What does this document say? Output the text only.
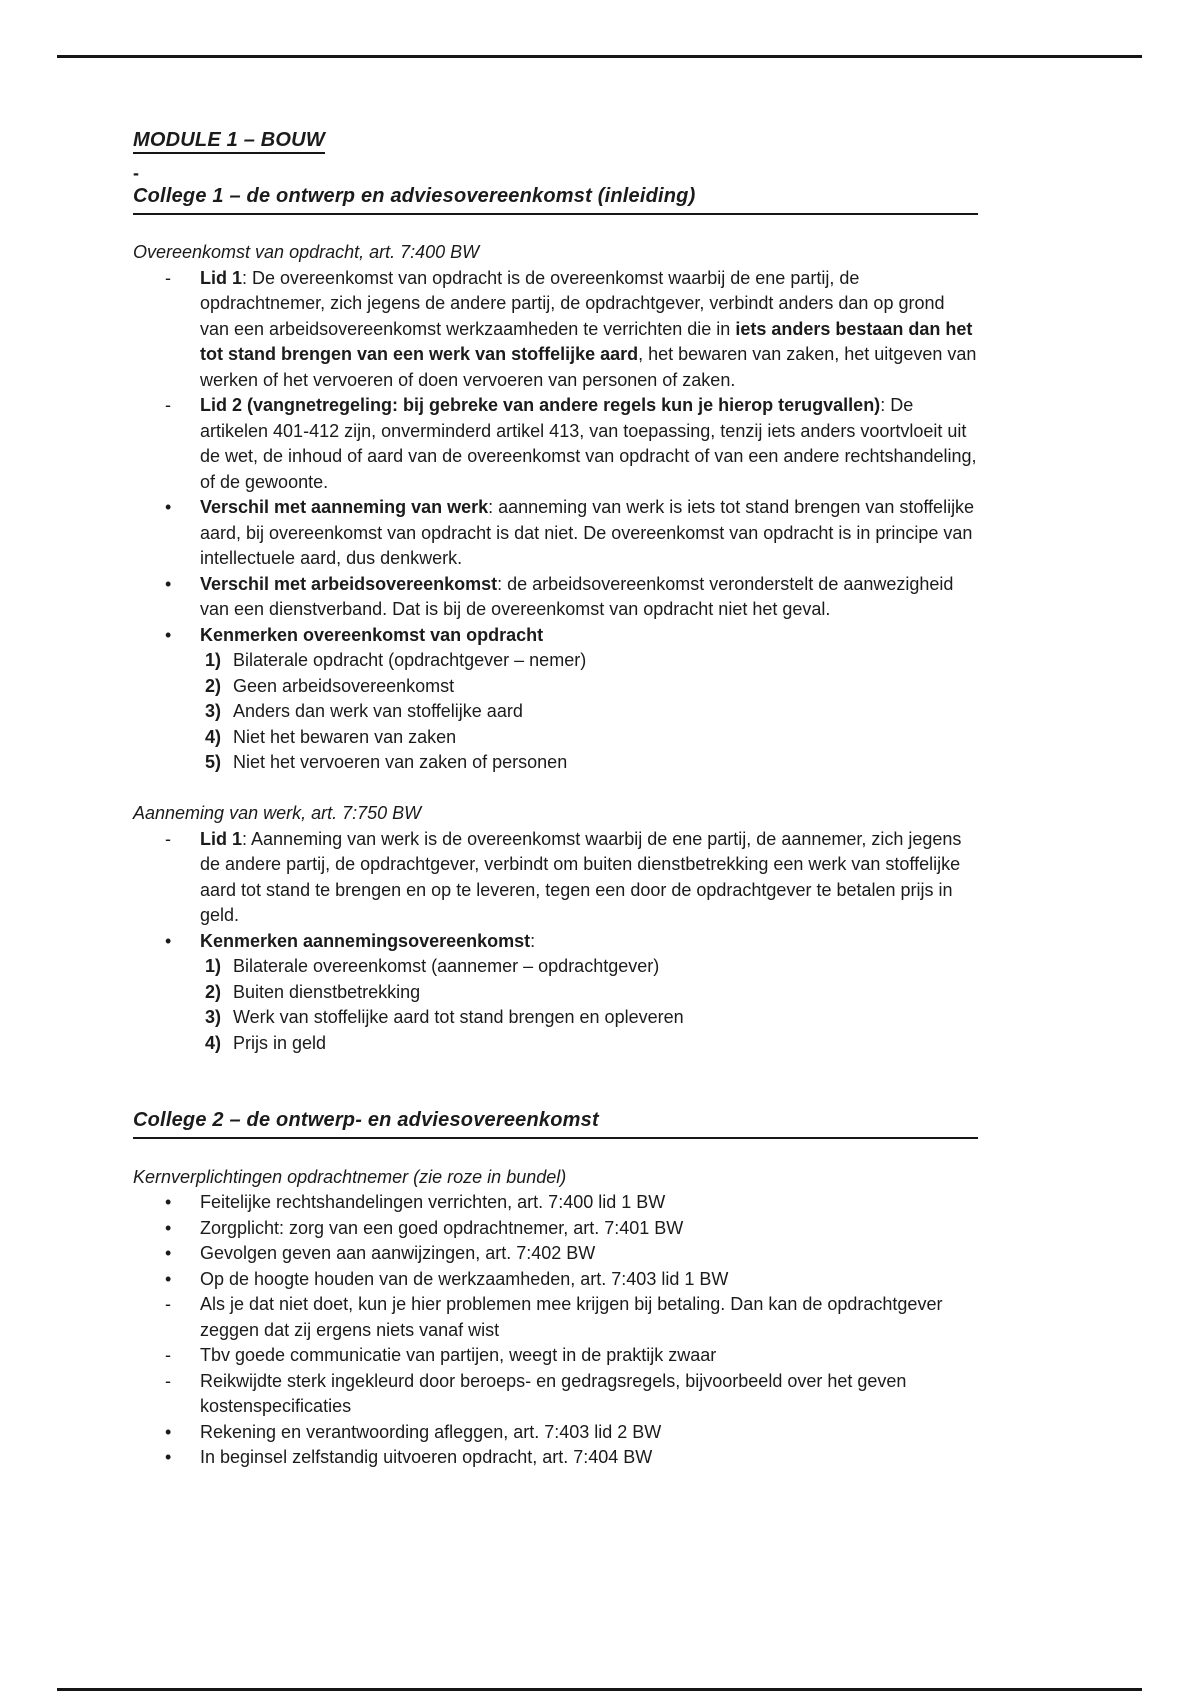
MODULE 1 – BOUW
-
College 1 – de ontwerp en adviesovereenkomst (inleiding)
Overeenkomst van opdracht, art. 7:400 BW
-	Lid 1: De overeenkomst van opdracht is de overeenkomst waarbij de ene partij, de opdrachtnemer, zich jegens de andere partij, de opdrachtgever, verbindt anders dan op grond van een arbeidsovereenkomst werkzaamheden te verrichten die in iets anders bestaan dan het tot stand brengen van een werk van stoffelijke aard, het bewaren van zaken, het uitgeven van werken of het vervoeren of doen vervoeren van personen of zaken.
-	Lid 2 (vangnetregeling: bij gebreke van andere regels kun je hierop terugvallen): De artikelen 401-412 zijn, onverminderd artikel 413, van toepassing, tenzij iets anders voortvloeit uit de wet, de inhoud of aard van de overeenkomst van opdracht of van een andere rechtshandeling, of de gewoonte.
•	Verschil met aanneming van werk: aanneming van werk is iets tot stand brengen van stoffelijke aard, bij overeenkomst van opdracht is dat niet. De overeenkomst van opdracht is in principe van intellectuele aard, dus denkwerk.
•	Verschil met arbeidsovereenkomst: de arbeidsovereenkomst veronderstelt de aanwezigheid van een dienstverband. Dat is bij de overeenkomst van opdracht niet het geval.
•	Kenmerken overeenkomst van opdracht
1) Bilaterale opdracht (opdrachtgever – nemer)
2) Geen arbeidsovereenkomst
3) Anders dan werk van stoffelijke aard
4) Niet het bewaren van zaken
5) Niet het vervoeren van zaken of personen
Aanneming van werk, art. 7:750 BW
-	Lid 1: Aanneming van werk is de overeenkomst waarbij de ene partij, de aannemer, zich jegens de andere partij, de opdrachtgever, verbindt om buiten dienstbetrekking een werk van stoffelijke aard tot stand te brengen en op te leveren, tegen een door de opdrachtgever te betalen prijs in geld.
•	Kenmerken aannemingsovereenkomst:
1) Bilaterale overeenkomst (aannemer – opdrachtgever)
2) Buiten dienstbetrekking
3) Werk van stoffelijke aard tot stand brengen en opleveren
4) Prijs in geld
College 2 – de ontwerp- en adviesovereenkomst
Kernverplichtingen opdrachtnemer (zie roze in bundel)
•	Feitelijke rechtshandelingen verrichten, art. 7:400 lid 1 BW
•	Zorgplicht: zorg van een goed opdrachtnemer, art. 7:401 BW
•	Gevolgen geven aan aanwijzingen, art. 7:402 BW
•	Op de hoogte houden van de werkzaamheden, art. 7:403 lid 1 BW
-	Als je dat niet doet, kun je hier problemen mee krijgen bij betaling. Dan kan de opdrachtgever zeggen dat zij ergens niets vanaf wist
-	Tbv goede communicatie van partijen, weegt in de praktijk zwaar
-	Reikwijdte sterk ingekleurd door beroeps- en gedragsregels, bijvoorbeeld over het geven kostenspecificaties
•	Rekening en verantwoording afleggen, art. 7:403 lid 2 BW
•	In beginsel zelfstandig uitvoeren opdracht, art. 7:404 BW
